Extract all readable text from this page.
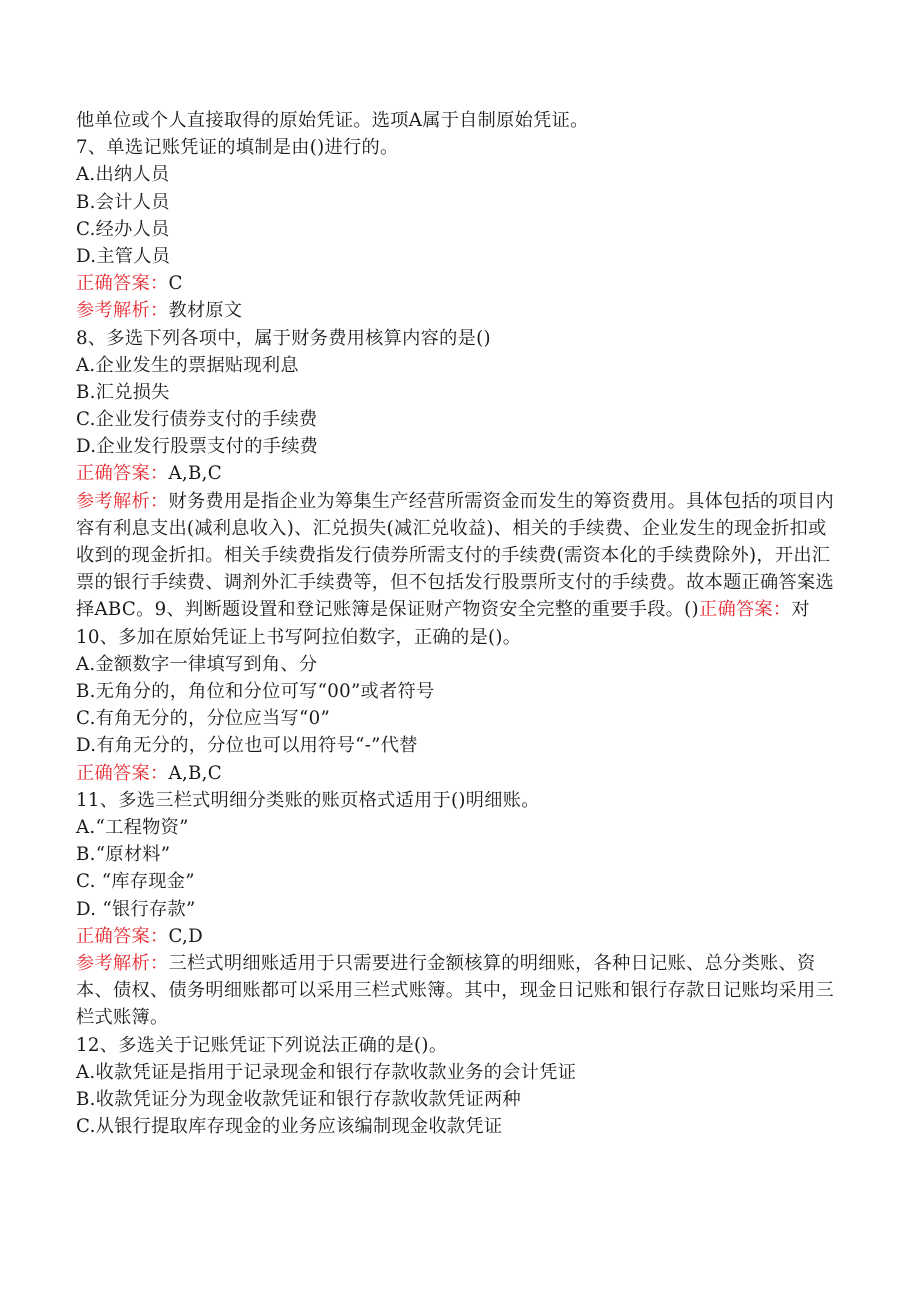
他单位或个人直接取得的原始凭证。选项A属于自制原始凭证。
7、单选记账凭证的填制是由()进行的。
A.出纳人员
B.会计人员
C.经办人员
D.主管人员
正确答案：C
参考解析：教材原文
8、多选下列各项中，属于财务费用核算内容的是()
A.企业发生的票据贴现利息
B.汇兑损失
C.企业发行债券支付的手续费
D.企业发行股票支付的手续费
正确答案：A,B,C
参考解析：财务费用是指企业为筹集生产经营所需资金而发生的筹资费用。具体包括的项目内容有利息支出(减利息收入)、汇兑损失(减汇兑收益)、相关的手续费、企业发生的现金折扣或收到的现金折扣。相关手续费指发行债券所需支付的手续费(需资本化的手续费除外)，开出汇票的银行手续费、调剂外汇手续费等，但不包括发行股票所支付的手续费。故本题正确答案选择ABC。9、判断题设置和登记账簿是保证财产物资安全完整的重要手段。()正确答案：对
10、多加在原始凭证上书写阿拉伯数字，正确的是()。
A.金额数字一律填写到角、分
B.无角分的，角位和分位可写“00”或者符号
C.有角无分的，分位应当写“0”
D.有角无分的，分位也可以用符号“-”代替
正确答案：A,B,C
11、多选三栏式明细分类账的账页格式适用于()明细账。
A.“工程物资”
B.“原材料”
C. “库存现金”
D. “银行存款”
正确答案：C,D
参考解析：三栏式明细账适用于只需要进行金额核算的明细账，各种日记账、总分类账、资本、债权、债务明细账都可以采用三栏式账簿。其中，现金日记账和银行存款日记账均采用三栏式账簿。
12、多选关于记账凭证下列说法正确的是()。
A.收款凭证是指用于记录现金和银行存款收款业务的会计凭证
B.收款凭证分为现金收款凭证和银行存款收款凭证两种
C.从银行提取库存现金的业务应该编制现金收款凭证
